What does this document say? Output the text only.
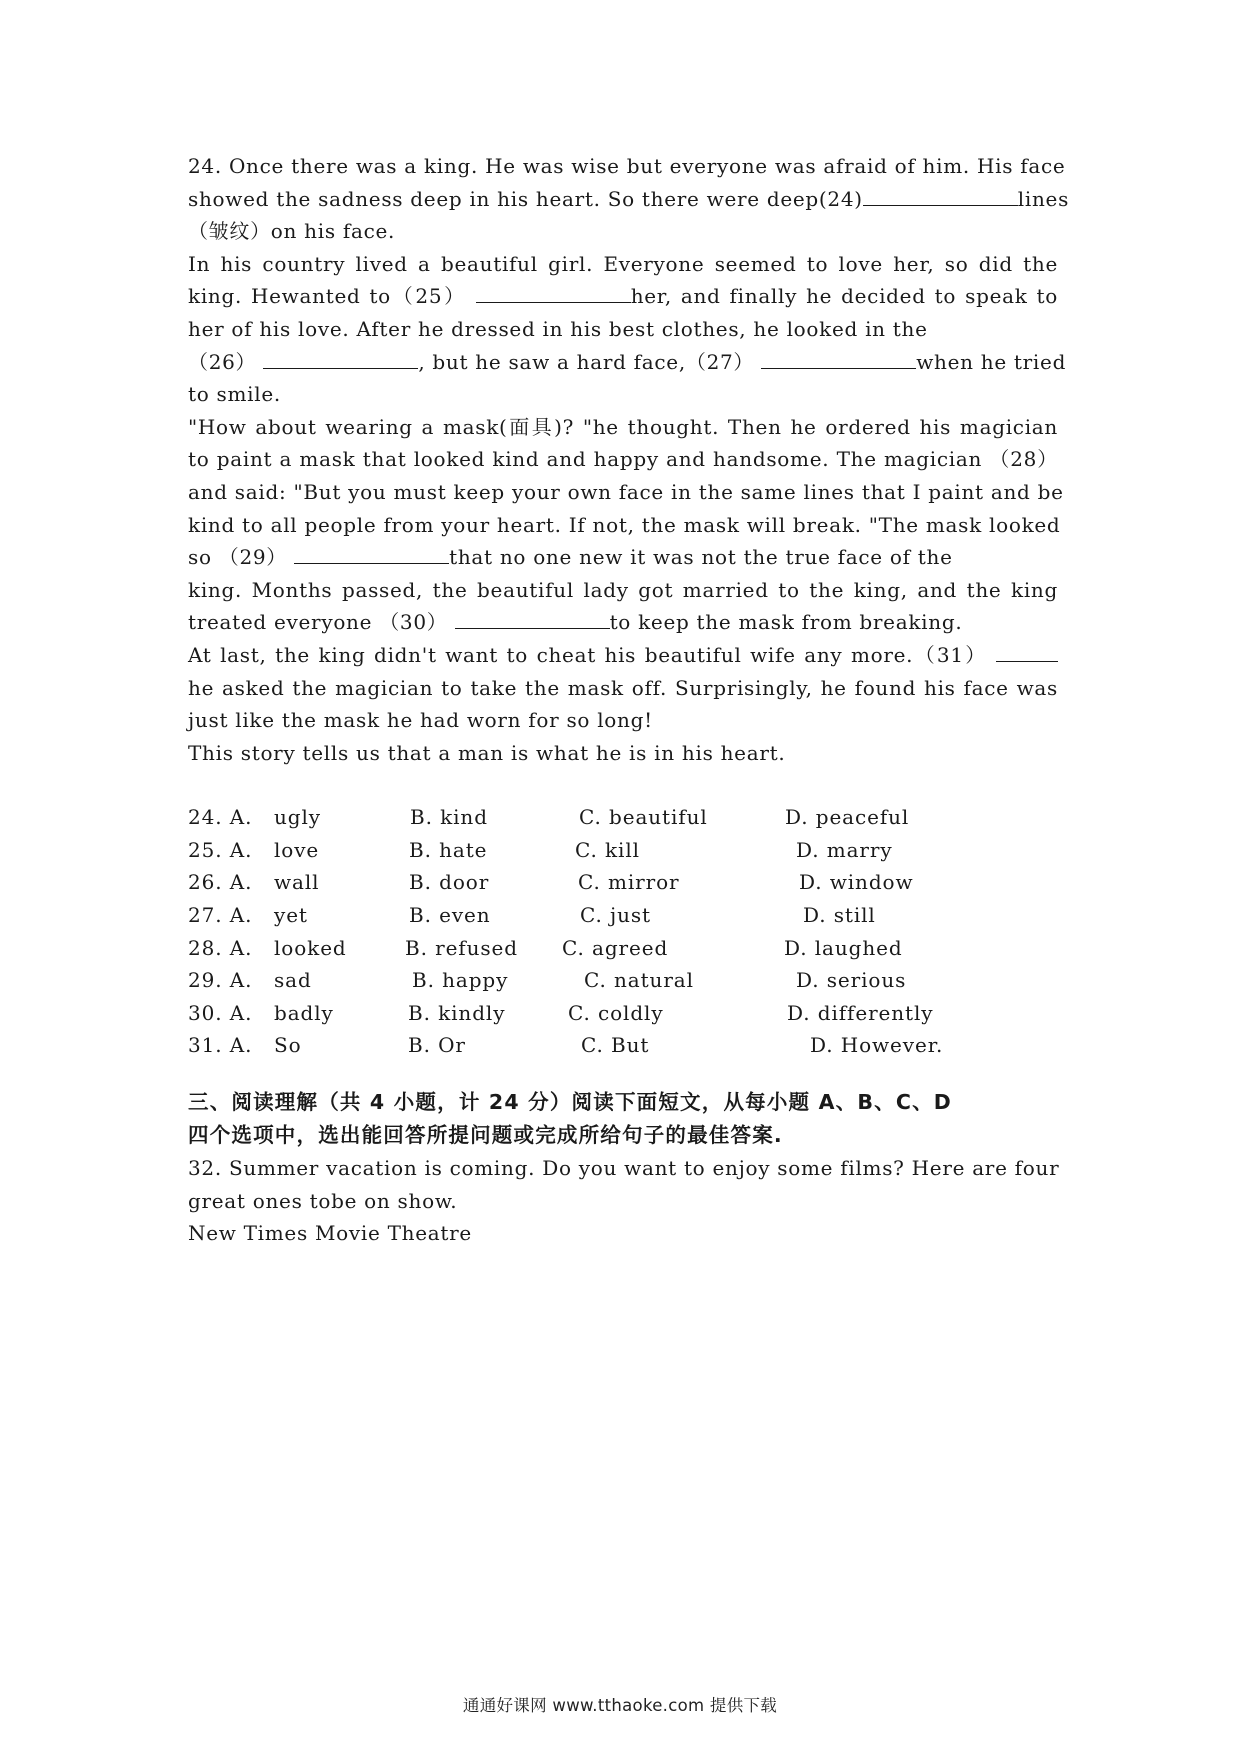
24. Once there was a king. He was wise but everyone was afraid of him. His face
showed the sadness deep in his heart. So there were deep(24)	lines
（皱纹）on his face.
In his country lived a beautiful girl. Everyone seemed to love her, so did the
king. Hewanted to（25）	her, and finally he decided to speak to
her of his love. After he dressed in his best clothes, he looked in the
（26）	, but he saw a hard face,（27）	when he tried
to smile.
"How about wearing a mask(面具)? "he thought. Then he ordered his magician
to paint a mask that looked kind and happy and handsome. The magician （28）
and said: "But you must keep your own face in the same lines that I paint and be
kind to all people from your heart. If not, the mask will break. "The mask looked
so （29）	that no one new it was not the true face of the
king. Months passed, the beautiful lady got married to the king, and the king
treated everyone （30）	to keep the mask from breaking.
At last, the king didn't want to cheat his beautiful wife any more.（31）
he asked the magician to take the mask off. Surprisingly, he found his face was
just like the mask he had worn for so long!
This story tells us that a man is what he is in his heart.
24. A. ugly	B. kind	C. beautiful	D. peaceful
25. A. love	B. hate	C. kill	D. marry
26. A. wall	B. door	C. mirror	D. window
27. A. yet	B. even	C. just	D. still
28. A. looked	B. refused C. agreed	D. laughed
29. A. sad	B. happy	C. natural	D. serious
30. A. badly	B. kindly	C. coldly	D. differently
31. A. So	B. Or	C. But	D. However.
三、阅读理解（共 4 小题，计 24 分）阅读下面短文，从每小题 A、B、C、D
四个选项中，选出能回答所提问题或完成所给句子的最佳答案.
32. Summer vacation is coming. Do you want to enjoy some films? Here are four
great ones tobe on show.
New Times Movie Theatre
通通好课网 www.tthaoke.com 提供下载
